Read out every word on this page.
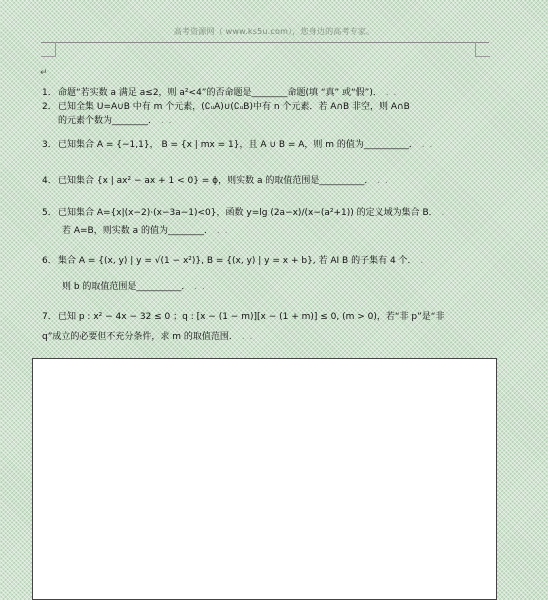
高考资源网（ www.ks5u.com），您身边的高考专家。
↵
1．命题“若实数 a 满足 a≤2，则 a²<4”的否命题是________命题(填 “真” 或“假”)． . .
2．已知全集 U=A∪B 中有 m 个元素，(∁ᵤA)∪(∁ᵤB)中有 n 个元素．若 A∩B 非空，则 A∩B
的元素个数为________． . .
3．已知集合 A = {−1,1}， B = {x | mx = 1}，且 A ∪ B = A，则 m 的值为__________． . .
4．已知集合 {x | ax² − ax + 1 < 0} = ϕ，则实数 a 的取值范围是__________． . .
5．已知集合 A={x|(x−2)·(x−3a−1)<0}，函数 y=lg (2a−x)/(x−(a²+1)) 的定义域为集合 B． .
若 A=B，则实数 a 的值为________． . .
6．集合 A = {(x, y) | y = √(1 − x²)}, B = {(x, y) | y = x + b}, 若 AI B 的子集有 4 个． .
则 b 的取值范围是__________． . .
7．已知 p : x² − 4x − 32 ≤ 0 ；q : [x − (1 − m)][x − (1 + m)] ≤ 0, (m > 0)，若“非 p”是“非
q”成立的必要但不充分条件，求 m 的取值范围． . .
